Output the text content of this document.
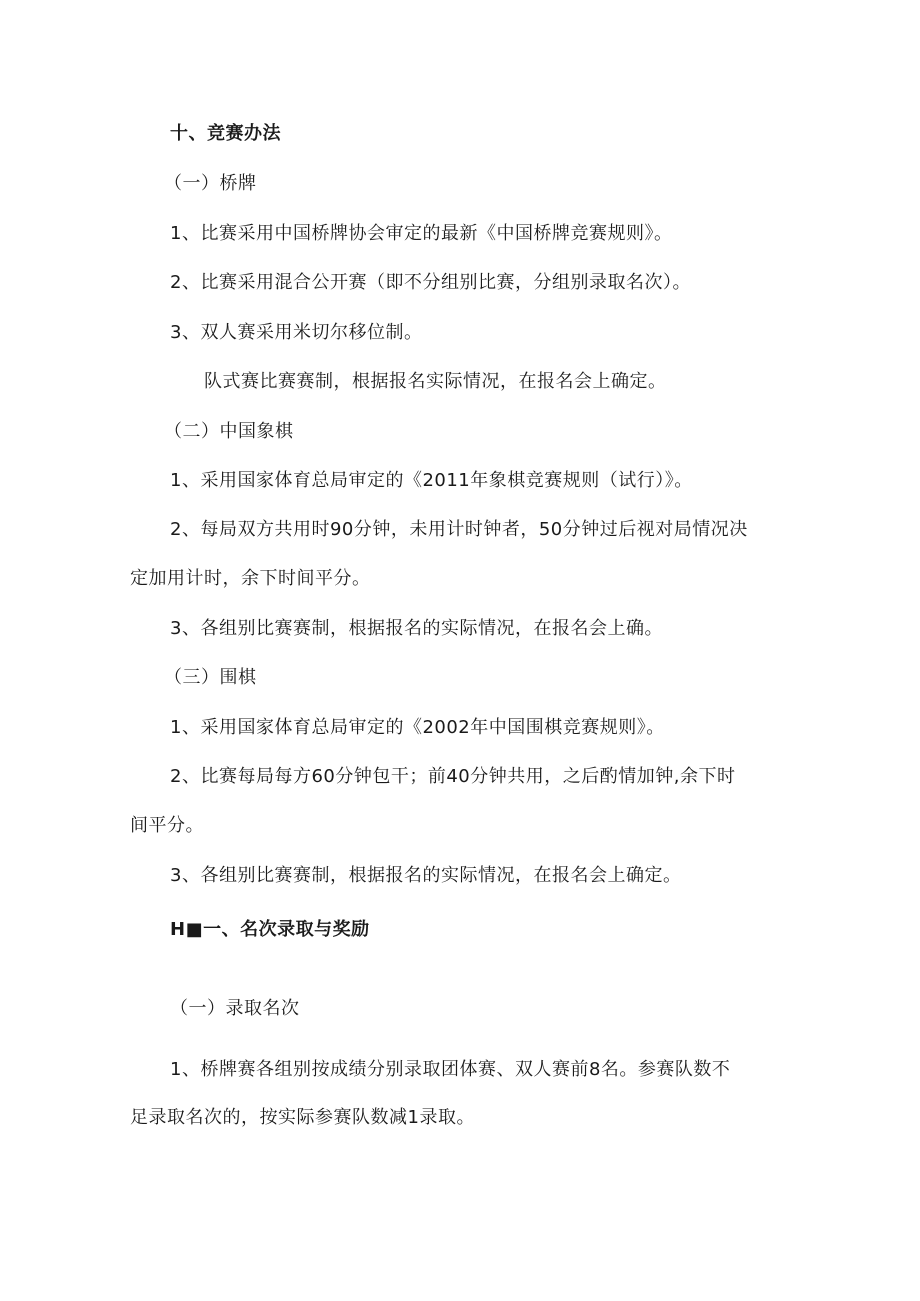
十、竞赛办法
（一）桥牌
1、比赛采用中国桥牌协会审定的最新《中国桥牌竞赛规则》。
2、比赛采用混合公开赛（即不分组别比赛，分组别录取名次）。
3、双人赛采用米切尔移位制。
队式赛比赛赛制，根据报名实际情况，在报名会上确定。
（二）中国象棋
1、采用国家体育总局审定的《2011年象棋竞赛规则（试行）》。
2、每局双方共用时90分钟，未用计时钟者，50分钟过后视对局情况决
定加用计时，余下时间平分。
3、各组别比赛赛制，根据报名的实际情况，在报名会上确。
（三）围棋
1、采用国家体育总局审定的《2002年中国围棋竞赛规则》。
2、比赛每局每方60分钟包干；前40分钟共用，之后酌情加钟,余下时
间平分。
3、各组别比赛赛制，根据报名的实际情况，在报名会上确定。
H■一、名次录取与奖励
（一）录取名次
1、桥牌赛各组别按成绩分别录取团体赛、双人赛前8名。参赛队数不
足录取名次的，按实际参赛队数减1录取。
